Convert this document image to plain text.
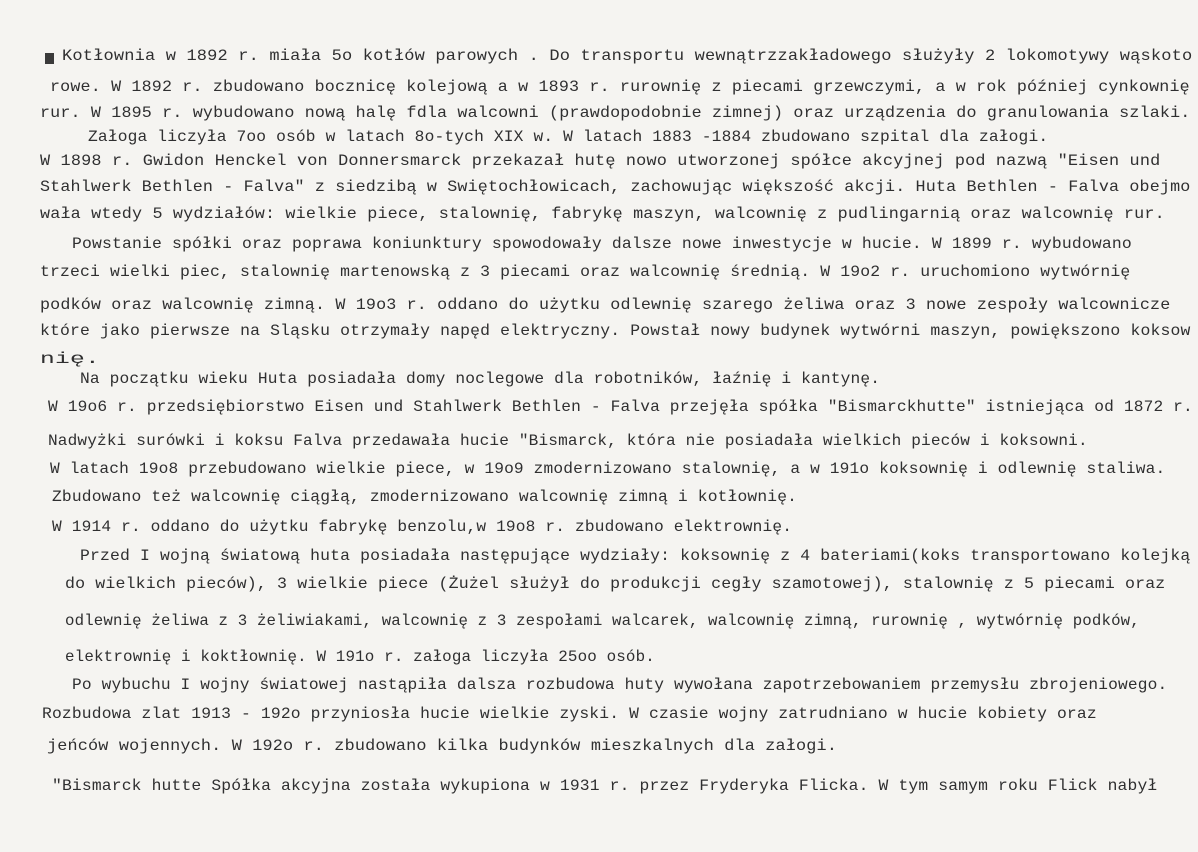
Kotłownia w 1892 r. miała 5o kotłów parowych . Do transportu wewnątrzzakładowego służyły 2 lokomotywy wąskoto
rowe. W 1892 r. zbudowano bocznicę kolejową a w 1893 r. rurownię z piecami grzewczymi, a w rok później cynkownię
rur. W 1895 r. wybudowano nową halę fdla walcowni (prawdopodobnie zimnej) oraz urządzenia do granulowania szlaki.
Załoga liczyła 7oo osób w latach 8o-tych XIX w. W latach 1883 -1884 zbudowano szpital dla załogi.
W 1898 r. Gwidon Henckel von Donnersmarck przekazał hutę nowo utworzonej spółce akcyjnej pod nazwą "Eisen und
Stahlwerk Bethlen - Falva" z siedzibą w Swiętochłowicach, zachowując większość akcji. Huta Bethlen - Falva obejmo
wała wtedy 5 wydziałów: wielkie piece, stalownię, fabrykę maszyn, walcownię z pudlingarnią oraz walcownię rur.
Powstanie spółki oraz poprawa koniunktury spowodowały dalsze nowe inwestycje w hucie. W 1899 r. wybudowano
trzeci wielki piec, stalownię martenowską z 3 piecami oraz walcownię średnią. W 19o2 r. uruchomiono wytwórnię
podków oraz walcownię zimną. W 19o3 r. oddano do użytku odlewnię szarego żeliwa oraz 3 nowe zespoły walcownicze
które jako pierwsze na Sląsku otrzymały napęd elektryczny. Powstał nowy budynek wytwórni maszyn, powiększono koksow
nię.
Na początku wieku Huta posiadała domy noclegowe dla robotników, łaźnię i kantynę.
W 19o6 r. przedsiębiorstwo Eisen und Stahlwerk Bethlen - Falva przejęła spółka "Bismarckhutte" istniejąca od 1872 r.
Nadwyżki surówki i koksu Falva przedawała hucie "Bismarck, która nie posiadała wielkich pieców i koksowni.
W latach 19o8 przebudowano wielkie piece, w 19o9 zmodernizowano stalownię, a w 191o koksownię i odlewnię staliwa.
Zbudowano też walcownię ciągłą, zmodernizowano walcownię zimną i kotłownię.
W 1914 r. oddano do użytku fabrykę benzolu,w 19o8 r. zbudowano elektrownię.
Przed I wojną światową huta posiadała następujące wydziały: koksownię z 4 bateriami(koks transportowano kolejką
do wielkich pieców), 3 wielkie piece (Żużel służył do produkcji cegły szamotowej), stalownię z 5 piecami oraz
odlewnię żeliwa z 3 żeliwiakami, walcownię z 3 zespołami walcarek, walcownię zimną, rurownię , wytwórnię podków,
elektrownię i koktłownię. W 191o r. załoga liczyła 25oo osób.
Po wybuchu I wojny światowej nastąpiła dalsza rozbudowa huty wywołana zapotrzebowaniem przemysłu zbrojeniowego.
Rozbudowa zlat 1913 - 192o przyniosła hucie wielkie zyski. W czasie wojny zatrudniano w hucie kobiety oraz
jeńców wojennych. W 192o r. zbudowano kilka budynków mieszkalnych dla załogi.
"Bismarck hutte Spółka akcyjna została wykupiona w 1931 r. przez Fryderyka Flicka. W tym samym roku Flick nabył
